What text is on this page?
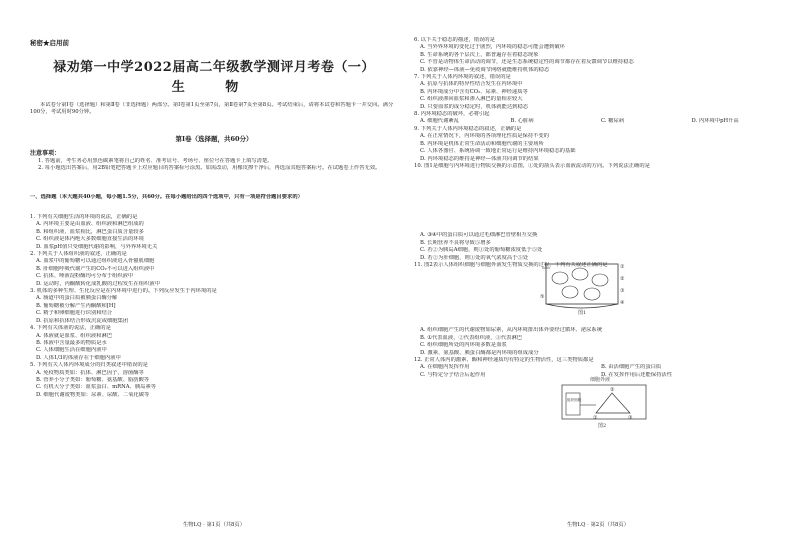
秘密★启用前
禄劝第一中学2022届高二年级教学测评月考卷（一）
生 物
本试卷分第Ⅰ卷（选择题）和第Ⅱ卷（非选择题）两部分。第Ⅰ卷第1页至第7页，第Ⅱ卷第7页至第8页。考试结束后，请将本试卷和答题卡一并交回。满分100分，考试用时90分钟。
第Ⅰ卷（选择题，共60分）
注意事项：
1. 答题前，考生务必用黑色碳素笔将自己的姓名、准考证号、考场号、座位号在答题卡上填写清楚。
2. 每小题选出答案后，用2B铅笔把答题卡上对应题目的答案标号涂黑。如需改动，用橡皮擦干净后，再选涂其他答案标号。在试题卷上作答无效。
一、选择题（本大题共40小题，每小题1.5分，共60分。在每小题给出的四个选项中，只有一项是符合题目要求的）
1. 下列有关细胞生活的环境的说法，正确的是
A. 内环境主要是由血液、组织液和淋巴组成的
B. 和组织液、血浆相比，淋巴蛋白质含量较多
C. 组织液是体内绝大多数细胞直接生活的环境
D. 血浆pH值只受细胞代谢的影响，与外界环境无关
2. 下列关于人体组织液的叙述，正确的是
A. 血浆中的葡萄糖可以通过组织液进入骨骼肌细胞
B. 肝细胞呼吸代谢产生的CO₂不可以进入组织液中
C. 抗体、唾液淀粉酶均可分布于组织液中
D. 运动时，丙酮酸转化成乳酸的过程发生在组织液中
3. 机体的多种生理、生化反应是在内环境中进行的。下列反应发生于内环境的是
A. 肠道中的蛋白质被胰蛋白酶分解
B. 葡萄糖被分解产生丙酮酸和[H]
C. 精子和卵细胞进行识别和结合
D. 抗原和抗体结合形成沉淀或细胞集团
4. 下列有关体液的说法，正确的是
A. 体液就是血浆、组织液和淋巴
B. 体液中含量最多的物质是水
C. 人体细胞生活在细胞内液中
D. 人体1/3的体液存在于细胞内液中
5. 下列有关人体内环境成分的归类叙述中错误的是
A. 免疫物质类如：抗体、淋巴因子、溶菌酶等
B. 营养小分子类如：葡萄糖、氨基酸、脂肪酸等
C. 有机大分子类如：血浆蛋白、mRNA、胰岛素等
D. 细胞代谢废物类如：尿素、尿酸、二氧化碳等
生物LQ · 第1页（共8页）
6. 以下关于稳态的描述，错误的是
A. 当外界环境的变化过于剧烈，内环境的稳态可能会遭到破坏
B. 生命系统的各个层次上，都普遍存在着稳态现象
C. 不管是动物体生命活动的调节，还是生态系统稳定性的调节都存在着反馈调节以维持稳态
D. 依靠神经—体液—免疫调节网络就能维持机体的稳态
7. 下列关于人体内环境的叙述，错误的是
A. 抗原与抗体的特异性结合发生在内环境中
B. 内环境成分中含有CO₂、尿素、神经递质等
C. 组织液渗回血浆和渗入淋巴的量相差较大
D. 只要血浆的成分稳定时，机体就能达到稳态
8. 内环境稳态的破坏，必将引起
A. 细胞代谢紊乱	B. 心脏病	C. 糖尿病	D. 内环境中pH升高
9. 下列关于人体内环境稳态的叙述，正确的是
A. 在正常情况下，内环境的各项理化性质是保持不变的
B. 内环境是机体正常生命活动和细胞代谢的主要场所
C. 人体各器官、系统协调一致地正常运行是维持内环境稳态的基础
D. 内环境稳态的维持是神经—体液共同调节的结果
10. 图1是细胞与内环境进行物质交换的示意图，①处的箭头表示血液流动的方向。下列说法正确的是
A. ③④中的蛋白质可以通过毛细淋巴管壁相互交换
B. 长期营养不良将导致⑤增多
C. 若②为胰岛A细胞，则①处的葡萄糖浓度低于⑤处
D. 若②为肝细胞，则①处的氧气浓度高于⑤处
11. 图2表示人体组织细胞与细胞外液发生物质交换的过程，下列有关叙述正确的是
A. 组织细胞产生的代谢废物如尿素，从内环境排出体外要经过循环、泌尿系统
B. ①代表血液，②代表组织液，③代表淋巴
C. 组织细胞所处的内环境多数是血浆
D. 激素、氨基酸、胰蛋白酶都是内环境的组成成分
12. 正常人体内的激素、酶和神经递质均有特定的生物活性，这三类物质都是
A. 在细胞内发挥作用	B. 由活细胞产生的蛋白质
C. 与特定分子结合后起作用	D. 在发挥作用后还能保持活性
①
②
③
④
⑤
图1
细胞外液
组织细胞
①
②
③
图2
生物LQ · 第2页（共8页）
